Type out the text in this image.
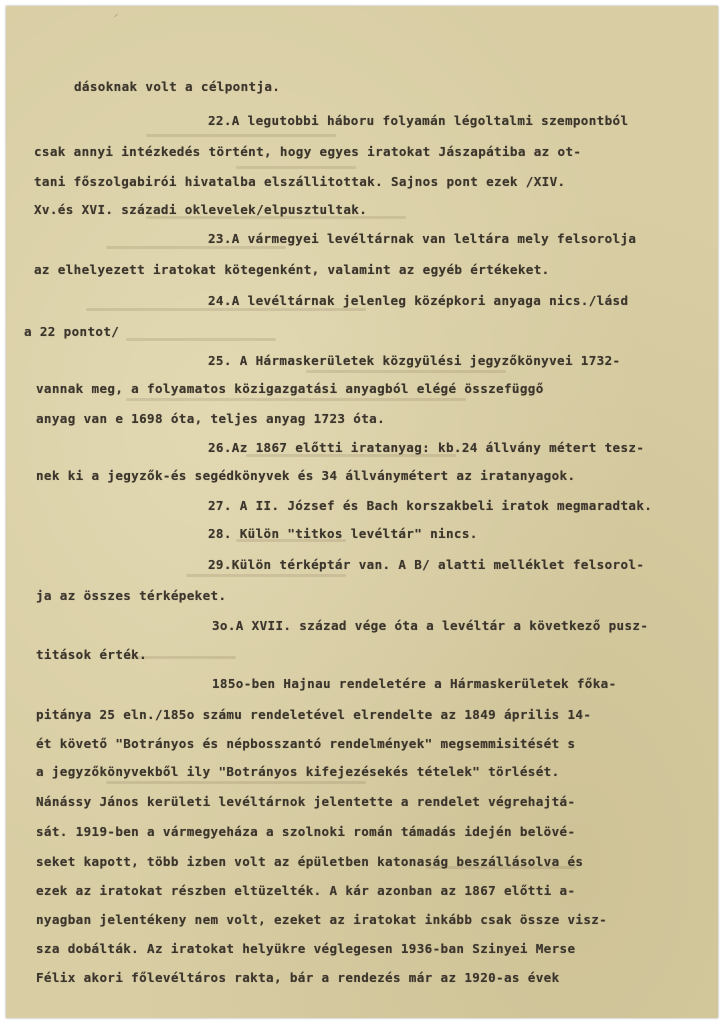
⸍
dásoknak volt a célpontja.
22.A legutobbi háboru folyamán légoltalmi szempontból
csak annyi intézkedés történt, hogy egyes iratokat Jászapátiba az ot-
tani főszolgabirói hivatalba elszállitottak. Sajnos pont ezek /XIV.
Xv.és XVI. századi oklevelek/elpusztultak.
23.A vármegyei levéltárnak van leltára mely felsorolja
az elhelyezett iratokat kötegenként, valamint az egyéb értékeket.
24.A levéltárnak jelenleg középkori anyaga nics./lásd
a 22 pontot/
25. A Hármaskerületek közgyülési jegyzőkönyvei 1732-
vannak meg, a folyamatos közigazgatási anyagból elégé összefüggő
anyag van e 1698 óta, teljes anyag 1723 óta.
26.Az 1867 előtti iratanyag: kb.24 állvány métert tesz-
nek ki a jegyzők-és segédkönyvek és 34 állványmétert az iratanyagok.
27. A II. József és Bach korszakbeli iratok megmaradtak.
28. Külön "titkos levéltár" nincs.
29.Külön térképtár van. A B/ alatti melléklet felsorol-
ja az összes térképeket.
3o.A XVII. század vége óta a levéltár a következő pusz-
titások érték.
185o-ben Hajnau rendeletére a Hármaskerületek főka-
pitánya 25 eln./185o számu rendeletével elrendelte az 1849 április 14-
ét követő "Botrányos és népbosszantó rendelmények" megsemmisitését s
a jegyzőkönyvekből ily "Botrányos kifejezésekés tételek" törlését.
Nánássy János kerületi levéltárnok jelentette a rendelet végrehajtá-
sát. 1919-ben a vármegyeháza a szolnoki román támadás idején belövé-
seket kapott, több izben volt az épületben katonaság beszállásolva és
ezek az iratokat részben eltüzelték. A kár azonban az 1867 előtti a-
nyagban jelentékeny nem volt, ezeket az iratokat inkább csak össze visz-
sza dobálták. Az iratokat helyükre véglegesen 1936-ban Szinyei Merse
Félix akori főlevéltáros rakta, bár a rendezés már az 1920-as évek
